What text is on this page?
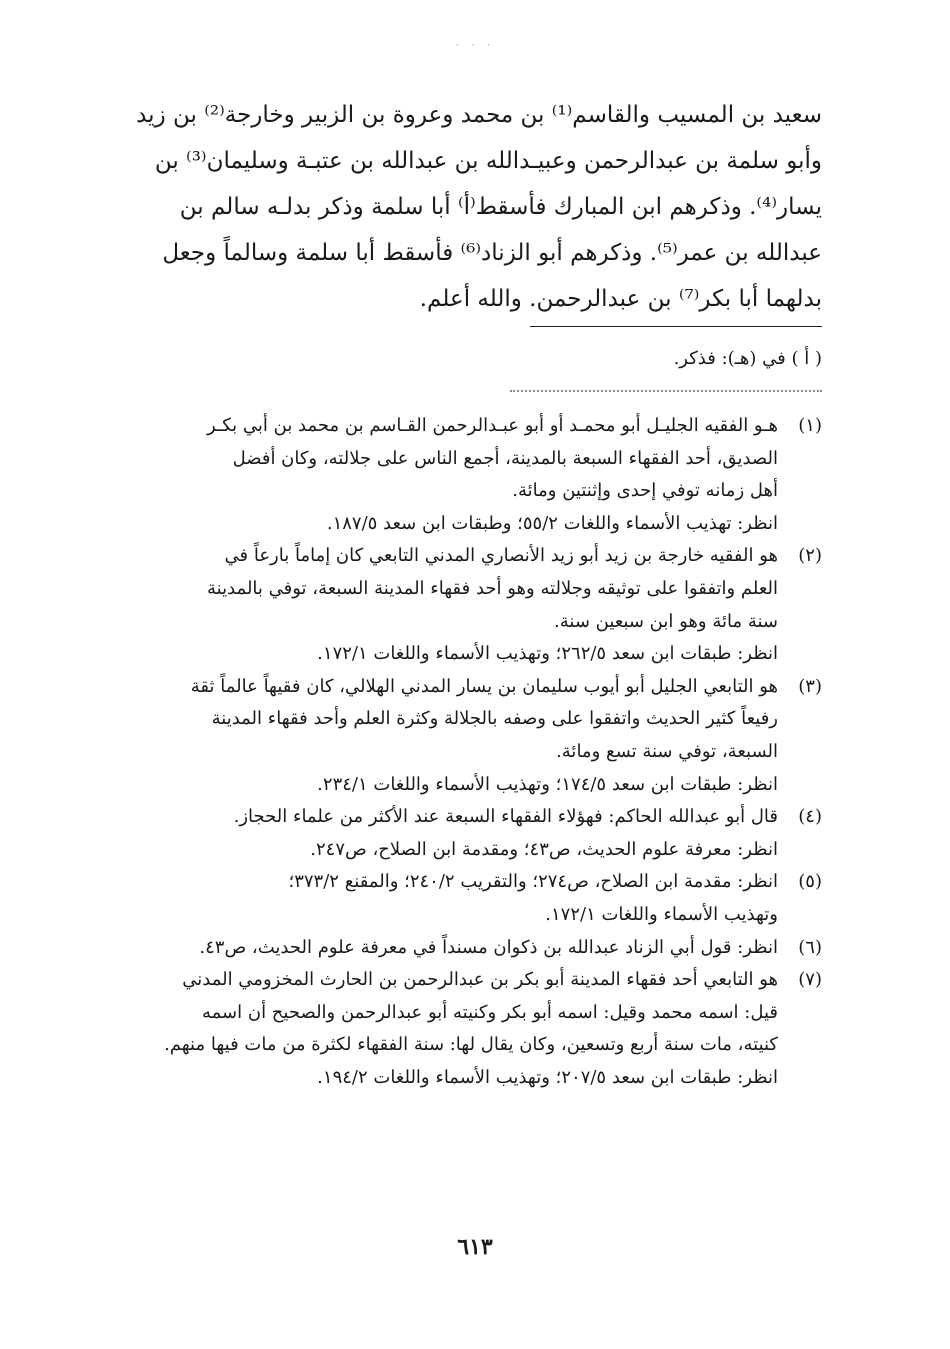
· · ·
سعيد بن المسيب والقاسم⁽¹⁾ بن محمد وعروة بن الزبير وخارجة⁽²⁾ بن زيد
وأبو سلمة بن عبدالرحمن وعبيـدالله بن عبدالله بن عتبـة وسليمان⁽³⁾ بن
يسار⁽⁴⁾. وذكرهم ابن المبارك فأسقط⁽أ⁾ أبا سلمة وذكر بدلـه سالم بن
عبدالله بن عمر⁽⁵⁾. وذكرهم أبو الزناد⁽⁶⁾ فأسقط أبا سلمة وسالماً وجعل
بدلهما أبا بكر⁽⁷⁾ بن عبدالرحمن. والله أعلم.
( أ ) في (هـ): فذكر.
(١)
هـو الفقيه الجليـل أبو محمـد أو أبو عبـدالرحمن القـاسم بن محمد بن أبي بكـر
الصديق، أحد الفقهاء السبعة بالمدينة، أجمع الناس على جلالته، وكان أفضل
أهل زمانه توفي إحدى وإثنتين ومائة.
انظر: تهذيب الأسماء واللغات ٥٥/٢؛ وطبقات ابن سعد ١٨٧/٥.
(٢)
هو الفقيه خارجة بن زيد أبو زيد الأنصاري المدني التابعي كان إماماً بارعاً في
العلم واتفقوا على توثيقه وجلالته وهو أحد فقهاء المدينة السبعة، توفي بالمدينة
سنة مائة وهو ابن سبعين سنة.
انظر: طبقات ابن سعد ٢٦٢/٥؛ وتهذيب الأسماء واللغات ١٧٢/١.
(٣)
هو التابعي الجليل أبو أيوب سليمان بن يسار المدني الهلالي، كان فقيهاً عالماً ثقة
رفيعاً كثير الحديث واتفقوا على وصفه بالجلالة وكثرة العلم وأحد فقهاء المدينة
السبعة، توفي سنة تسع ومائة.
انظر: طبقات ابن سعد ١٧٤/٥؛ وتهذيب الأسماء واللغات ٢٣٤/١.
(٤)
قال أبو عبدالله الحاكم: فهؤلاء الفقهاء السبعة عند الأكثر من علماء الحجاز.
انظر: معرفة علوم الحديث، ص٤٣؛ ومقدمة ابن الصلاح، ص٢٤٧.
(٥)
انظر: مقدمة ابن الصلاح، ص٢٧٤؛ والتقريب ٢٤٠/٢؛ والمقنع ٣٧٣/٢؛
وتهذيب الأسماء واللغات ١٧٢/١.
(٦)
انظر: قول أبي الزناد عبدالله بن ذكوان مسنداً في معرفة علوم الحديث، ص٤٣.
(٧)
هو التابعي أحد فقهاء المدينة أبو بكر بن عبدالرحمن بن الحارث المخزومي المدني
قيل: اسمه محمد وقيل: اسمه أبو بكر وكنيته أبو عبدالرحمن والصحيح أن اسمه
كنيته، مات سنة أربع وتسعين، وكان يقال لها: سنة الفقهاء لكثرة من مات فيها منهم.
انظر: طبقات ابن سعد ٢٠٧/٥؛ وتهذيب الأسماء واللغات ١٩٤/٢.
٦١٣
